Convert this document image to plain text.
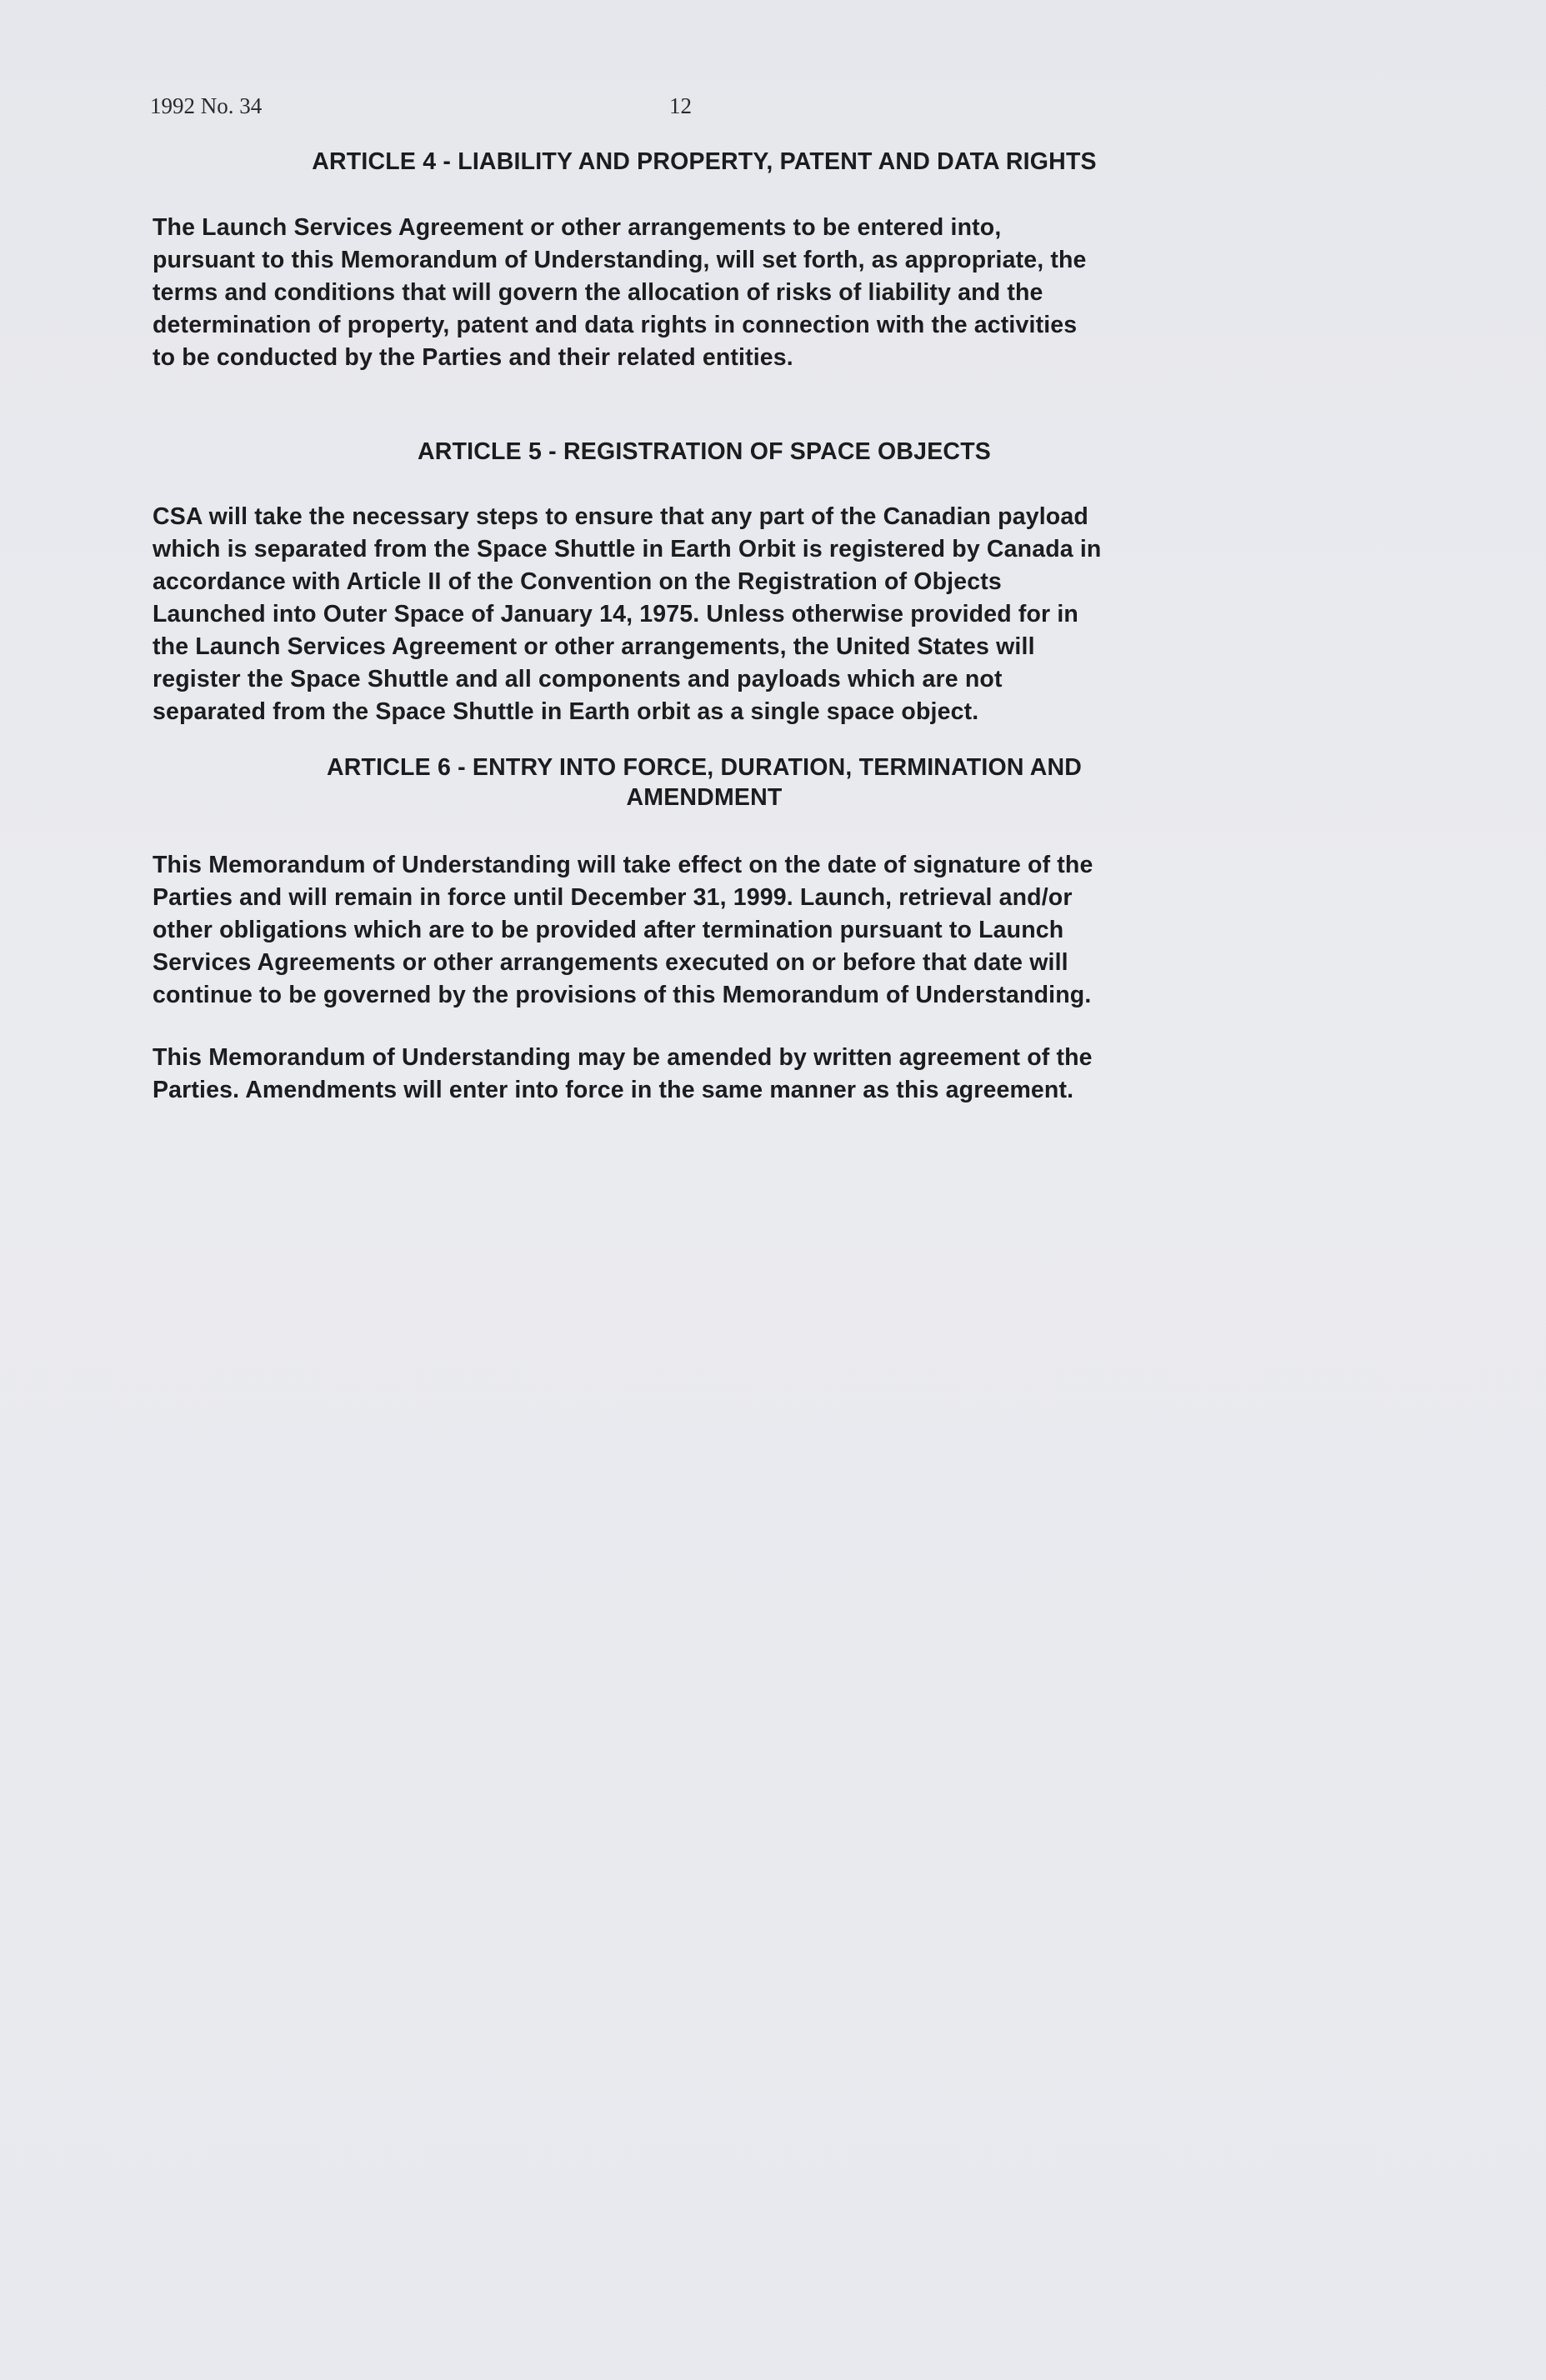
1992 No. 34	12
ARTICLE 4 - LIABILITY AND PROPERTY, PATENT AND DATA RIGHTS
The Launch Services Agreement or other arrangements to be entered into,
pursuant to this Memorandum of Understanding, will set forth, as appropriate, the
terms and conditions that will govern the allocation of risks of liability and the
determination of property, patent and data rights in connection with the activities
to be conducted by the Parties and their related entities.
ARTICLE 5 - REGISTRATION OF SPACE OBJECTS
CSA will take the necessary steps to ensure that any part of the Canadian payload
which is separated from the Space Shuttle in Earth Orbit is registered by Canada in
accordance with Article II of the Convention on the Registration of Objects
Launched into Outer Space of January 14, 1975. Unless otherwise provided for in
the Launch Services Agreement or other arrangements, the United States will
register the Space Shuttle and all components and payloads which are not
separated from the Space Shuttle in Earth orbit as a single space object.
ARTICLE 6 - ENTRY INTO FORCE, DURATION, TERMINATION AND
AMENDMENT
This Memorandum of Understanding will take effect on the date of signature of the
Parties and will remain in force until December 31, 1999. Launch, retrieval and/or
other obligations which are to be provided after termination pursuant to Launch
Services Agreements or other arrangements executed on or before that date will
continue to be governed by the provisions of this Memorandum of Understanding.
This Memorandum of Understanding may be amended by written agreement of the
Parties. Amendments will enter into force in the same manner as this agreement.
